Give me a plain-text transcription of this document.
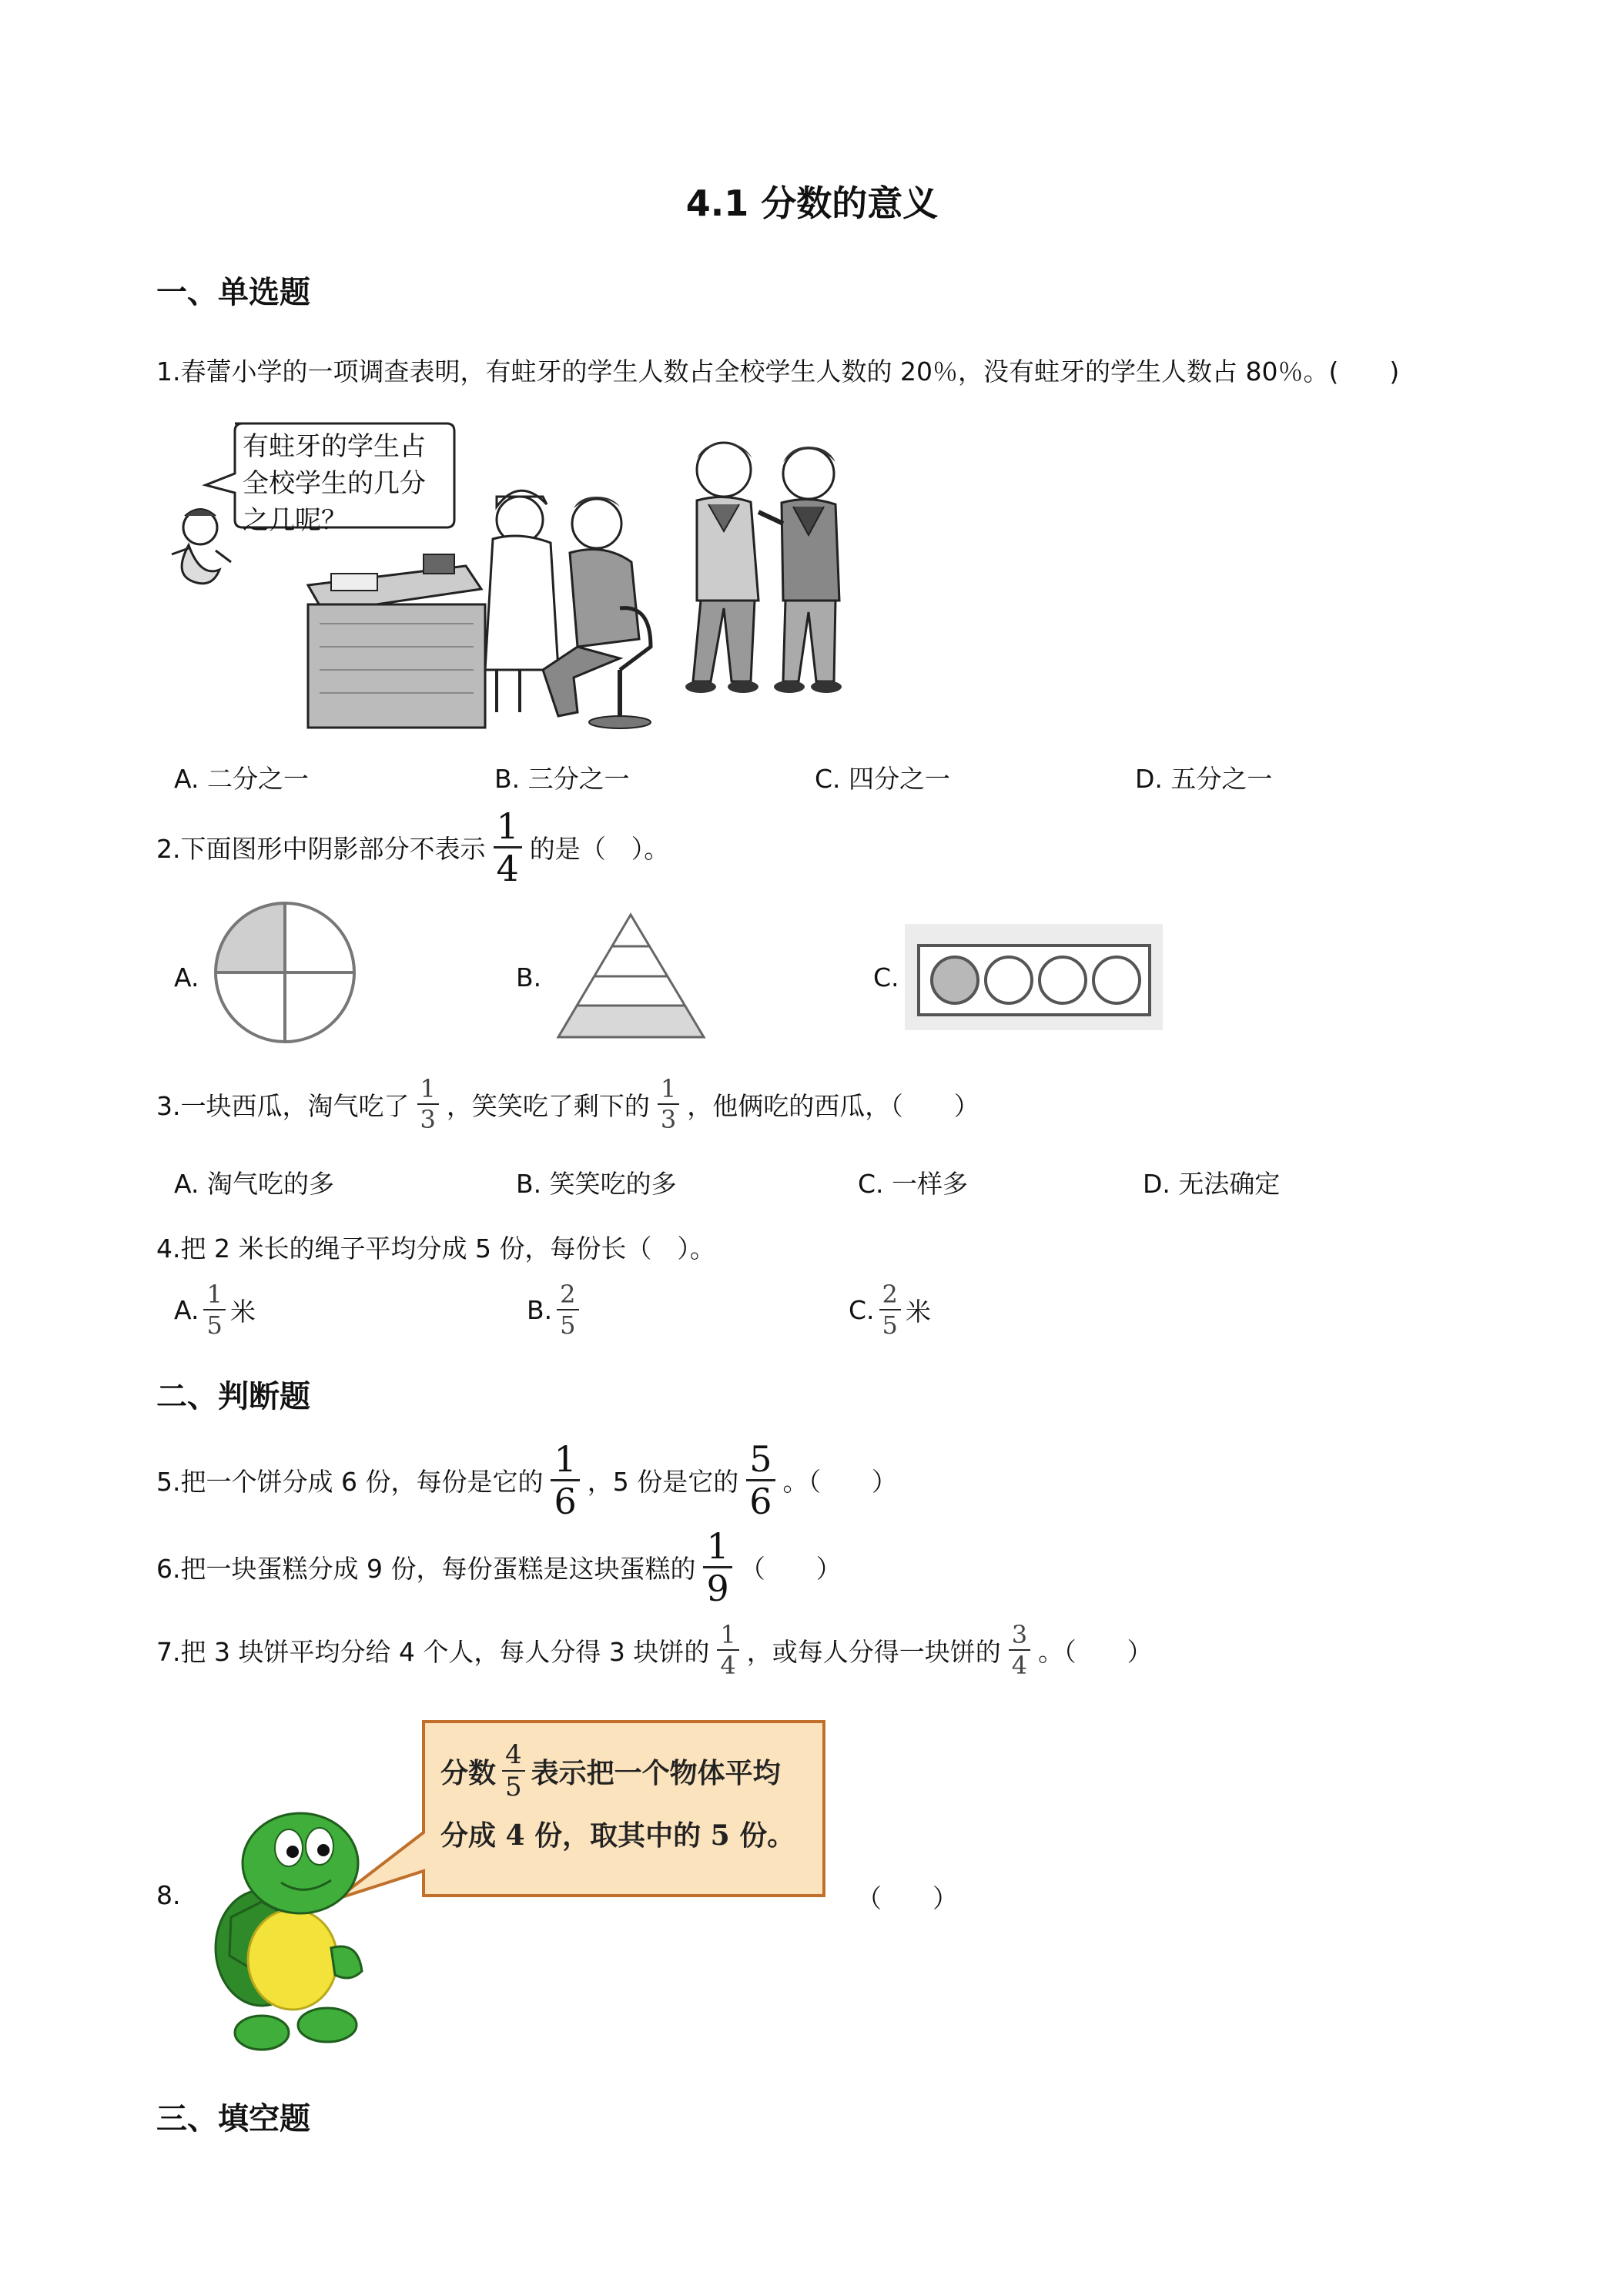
4.1 分数的意义
一、单选题
1.春蕾小学的一项调查表明，有蛀牙的学生人数占全校学生人数的 20％，没有蛀牙的学生人数占 80％。(　　)
有蛀牙的学生占
全校学生的几分
之几呢？
A. 二分之一	B. 三分之一	C. 四分之一	D. 五分之一
2.下面图形中阴影部分不表示 $\frac{1}{4}$ 的是（　）。
A.	B.	C.
3.一块西瓜，淘气吃了 $\frac{1}{3}$ ，笑笑吃了剩下的 $\frac{1}{3}$ ，他俩吃的西瓜，（　　）
A. 淘气吃的多	B. 笑笑吃的多	C. 一样多	D. 无法确定
4.把 2 米长的绳子平均分成 5 份，每份长（　）。
A. $\frac{1}{5}$ 米	B. $\frac{2}{5}$	C. $\frac{2}{5}$ 米
二、判断题
5.把一个饼分成 6 份，每份是它的 $\frac{1}{6}$ ，5 份是它的 $\frac{5}{6}$ 。（　　）
6.把一块蛋糕分成 9 份，每份蛋糕是这块蛋糕的 $\frac{1}{9}$ （　　）
7.把 3 块饼平均分给 4 个人，每人分得 3 块饼的 $\frac{1}{4}$ ，或每人分得一块饼的 $\frac{3}{4}$ 。（　　）
8.
分数 $\frac{4}{5}$ 表示把一个物体平均
分成 4 份，取其中的 5 份。
（　　）
三、填空题
